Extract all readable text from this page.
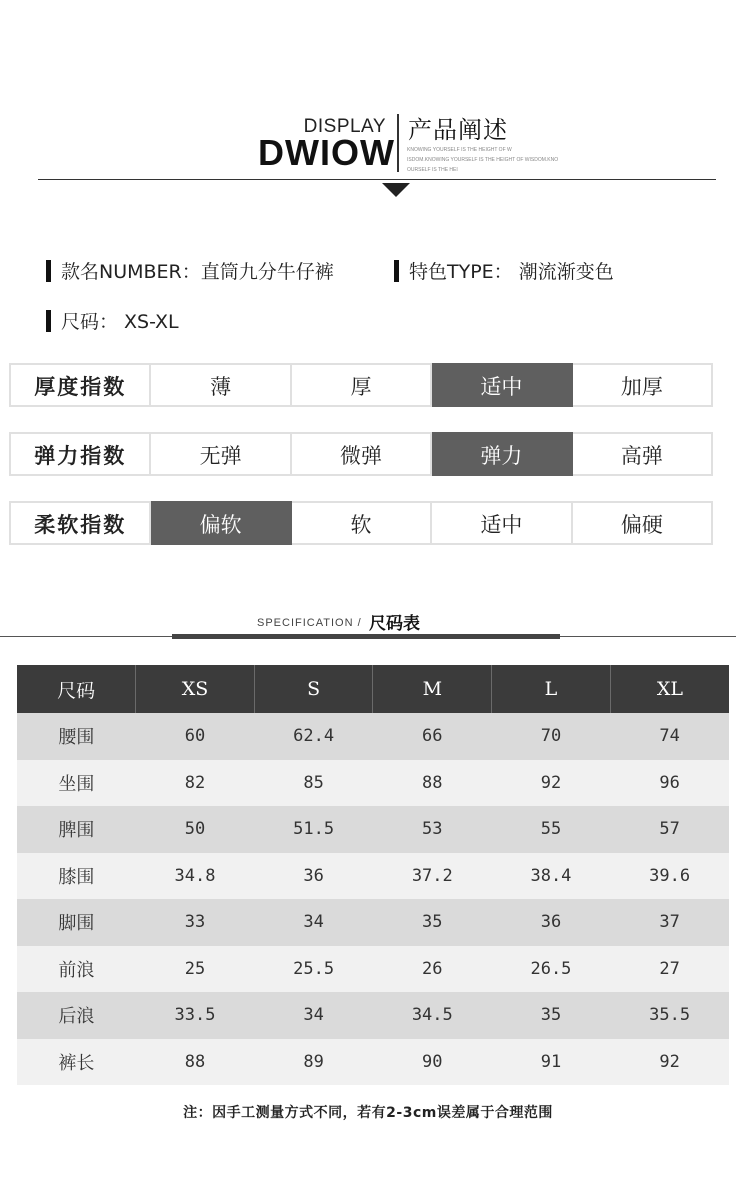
DISPLAY
DWIOW
产品阐述
KNOWING YOURSELF IS THE HEIGHT OF W
ISDOM.KNOWING YOURSELF IS THE HEIGHT OF WISDOM.KNO
OURSELF IS THE HEI
款名NUMBER：直筒九分牛仔裤	特色TYPE： 潮流渐变色
尺码： XS-XL
厚度指数	薄	厚	适中	加厚
弹力指数	无弹	微弹	弹力	高弹
柔软指数	偏软	软	适中	偏硬
SPECIFICATION / 尺码表
尺码	XS	S	M	L	XL
腰围	60	62.4	66	70	74
坐围	82	85	88	92	96
脾围	50	51.5	53	55	57
膝围	34.8	36	37.2	38.4	39.6
脚围	33	34	35	36	37
前浪	25	25.5	26	26.5	27
后浪	33.5	34	34.5	35	35.5
裤长	88	89	90	91	92
注：因手工测量方式不同，若有2-3cm误差属于合理范围
